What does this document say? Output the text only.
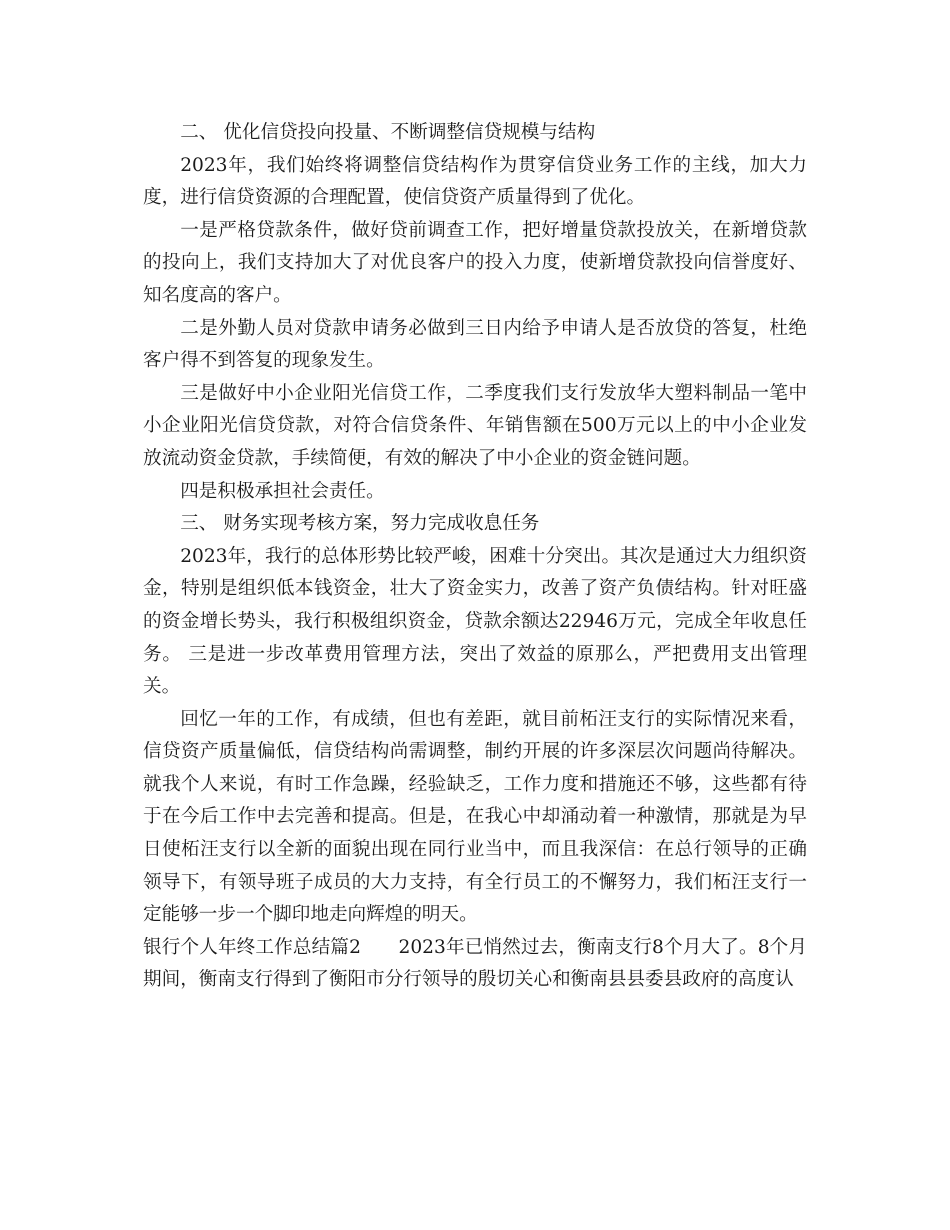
二、 优化信贷投向投量、不断调整信贷规模与结构

2023年，我们始终将调整信贷结构作为贯穿信贷业务工作的主线，加大力度，进行信贷资源的合理配置，使信贷资产质量得到了优化。

一是严格贷款条件，做好贷前调查工作，把好增量贷款投放关，在新增贷款的投向上，我们支持加大了对优良客户的投入力度，使新增贷款投向信誉度好、知名度高的客户。

二是外勤人员对贷款申请务必做到三日内给予申请人是否放贷的答复，杜绝客户得不到答复的现象发生。

三是做好中小企业阳光信贷工作，二季度我们支行发放华大塑料制品一笔中小企业阳光信贷贷款，对符合信贷条件、年销售额在500万元以上的中小企业发放流动资金贷款，手续简便，有效的解决了中小企业的资金链问题。

四是积极承担社会责任。

三、 财务实现考核方案，努力完成收息任务

2023年，我行的总体形势比较严峻，困难十分突出。其次是通过大力组织资金，特别是组织低本钱资金，壮大了资金实力，改善了资产负债结构。针对旺盛的资金增长势头，我行积极组织资金，贷款余额达22946万元，完成全年收息任务。 三是进一步改革费用管理方法，突出了效益的原那么，严把费用支出管理关。

回忆一年的工作，有成绩，但也有差距，就目前柘汪支行的实际情况来看，信贷资产质量偏低，信贷结构尚需调整，制约开展的许多深层次问题尚待解决。就我个人来说，有时工作急躁，经验缺乏，工作力度和措施还不够，这些都有待于在今后工作中去完善和提高。但是，在我心中却涌动着一种激情，那就是为早日使柘汪支行以全新的面貌出现在同行业当中，而且我深信：在总行领导的正确领导下，有领导班子成员的大力支持，有全行员工的不懈努力，我们柘汪支行一定能够一步一个脚印地走向辉煌的明天。

银行个人年终工作总结篇2　　2023年已悄然过去，衡南支行8个月大了。8个月期间，衡南支行得到了衡阳市分行领导的殷切关心和衡南县县委县政府的高度认
